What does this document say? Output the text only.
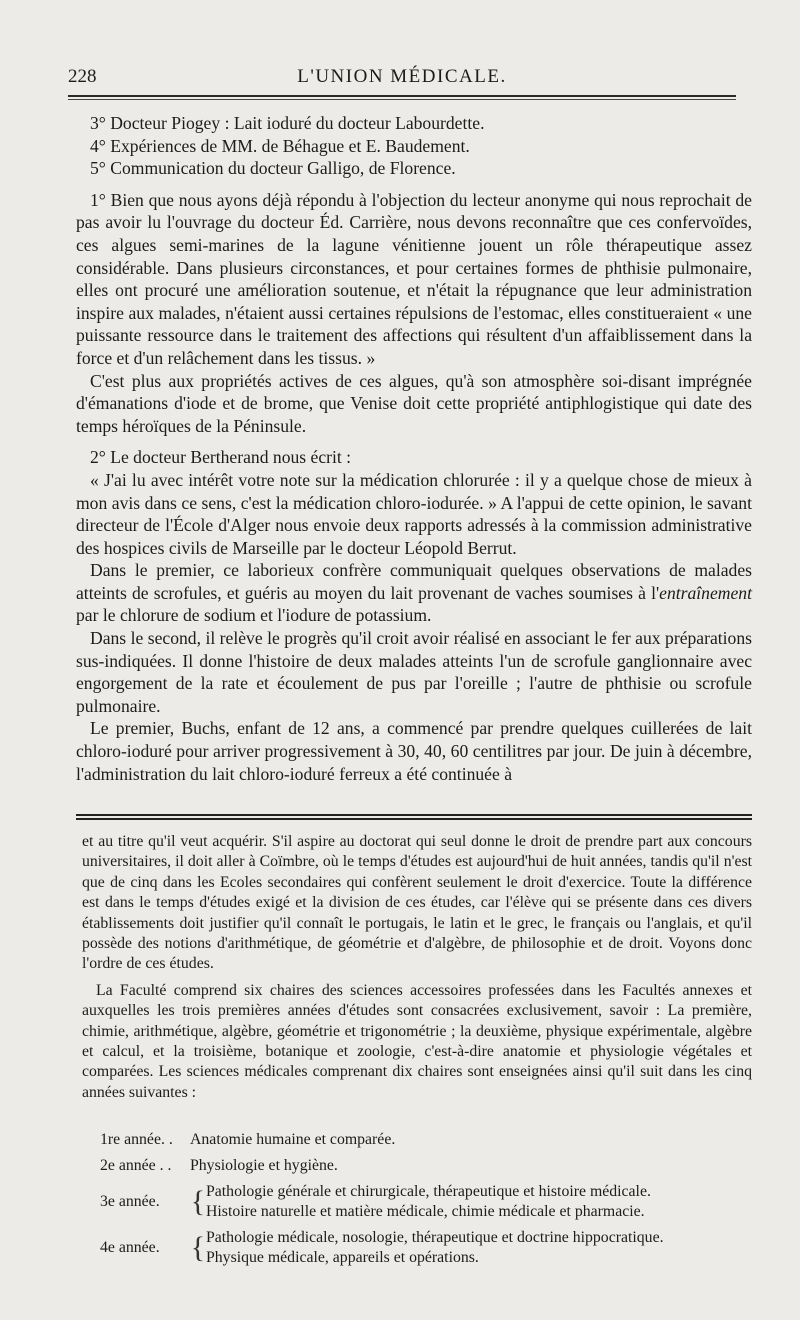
228	L'UNION MÉDICALE.

3° Docteur Piogey : Lait ioduré du docteur Labourdette.

4° Expériences de MM. de Béhague et E. Baudement.

5° Communication du docteur Galligo, de Florence.

1° Bien que nous ayons déjà répondu à l'objection du lecteur anonyme qui nous reprochait de pas avoir lu l'ouvrage du docteur Éd. Carrière, nous devons reconnaître que ces confervoïdes, ces algues semi-marines de la lagune vénitienne jouent un rôle thérapeutique assez considérable. Dans plusieurs circonstances, et pour certaines formes de phthisie pulmonaire, elles ont procuré une amélioration soutenue, et n'était la répugnance que leur administration inspire aux malades, n'étaient aussi certaines répulsions de l'estomac, elles constitueraient « une puissante ressource dans le traitement des affections qui résultent d'un affaiblissement dans la force et d'un relâchement dans les tissus. »

C'est plus aux propriétés actives de ces algues, qu'à son atmosphère soi-disant imprégnée d'émanations d'iode et de brome, que Venise doit cette propriété antiphlogistique qui date des temps héroïques de la Péninsule.

2° Le docteur Bertherand nous écrit :

« J'ai lu avec intérêt votre note sur la médication chlorurée : il y a quelque chose de mieux à mon avis dans ce sens, c'est la médication chloro-iodurée. » A l'appui de cette opinion, le savant directeur de l'École d'Alger nous envoie deux rapports adressés à la commission administrative des hospices civils de Marseille par le docteur Léopold Berrut.

Dans le premier, ce laborieux confrère communiquait quelques observations de malades atteints de scrofules, et guéris au moyen du lait provenant de vaches soumises à l'entraînement par le chlorure de sodium et l'iodure de potassium.

Dans le second, il relève le progrès qu'il croit avoir réalisé en associant le fer aux préparations sus-indiquées. Il donne l'histoire de deux malades atteints l'un de scrofule ganglionnaire avec engorgement de la rate et écoulement de pus par l'oreille ; l'autre de phthisie ou scrofule pulmonaire.

Le premier, Buchs, enfant de 12 ans, a commencé par prendre quelques cuillerées de lait chloro-ioduré pour arriver progressivement à 30, 40, 60 centilitres par jour. De juin à décembre, l'administration du lait chloro-ioduré ferreux a été continuée à

et au titre qu'il veut acquérir. S'il aspire au doctorat qui seul donne le droit de prendre part aux concours universitaires, il doit aller à Coïmbre, où le temps d'études est aujourd'hui de huit années, tandis qu'il n'est que de cinq dans les Ecoles secondaires qui confèrent seulement le droit d'exercice. Toute la différence est dans le temps d'études exigé et la division de ces études, car l'élève qui se présente dans ces divers établissements doit justifier qu'il connaît le portugais, le latin et le grec, le français ou l'anglais, et qu'il possède des notions d'arithmétique, de géométrie et d'algèbre, de philosophie et de droit. Voyons donc l'ordre de ces études.

La Faculté comprend six chaires des sciences accessoires professées dans les Facultés annexes et auxquelles les trois premières années d'études sont consacrées exclusivement, savoir : La première, chimie, arithmétique, algèbre, géométrie et trigonométrie ; la deuxième, physique expérimentale, algèbre et calcul, et la troisième, botanique et zoologie, c'est-à-dire anatomie et physiologie végétales et comparées. Les sciences médicales comprenant dix chaires sont enseignées ainsi qu'il suit dans les cinq années suivantes :

1re année. .	Anatomie humaine et comparée.
2e année . .	Physiologie et hygiène.
3e année.	{ Pathologie générale et chirurgicale, thérapeutique et histoire médicale.
Histoire naturelle et matière médicale, chimie médicale et pharmacie.
4e année.	{ Pathologie médicale, nosologie, thérapeutique et doctrine hippocratique.
Physique médicale, appareils et opérations.
